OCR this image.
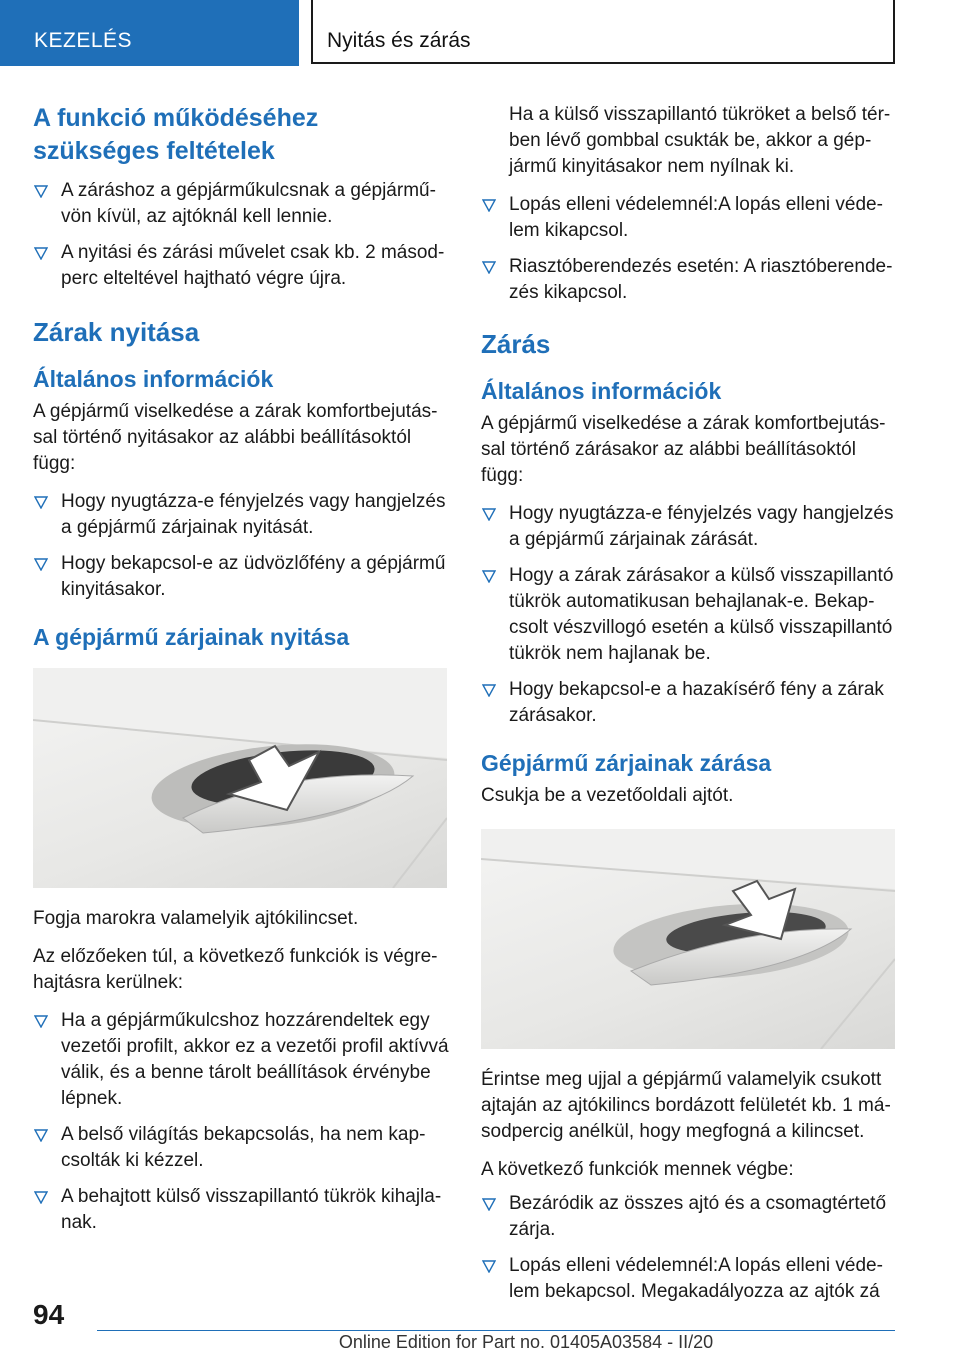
KEZELÉS	Nyitás és zárás
A funkció működéséhez szükséges feltételek
A záráshoz a gépjárműkulcsnak a gépjárművön kívül, az ajtóknál kell lennie.
A nyitási és zárási művelet csak kb. 2 másodperc elteltével hajtható végre újra.
Zárak nyitása
Általános információk

A gépjármű viselkedése a zárak komfortbejutással történő nyitásakor az alábbi beállításoktól függ:

Hogy nyugtázza-e fényjelzés vagy hangjelzés a gépjármű zárjainak nyitását.
Hogy bekapcsol-e az üdvözlőfény a gépjármű kinyitásakor.
A gépjármű zárjainak nyitása

Fogja marokra valamelyik ajtókilincset.

Az előzőeken túl, a következő funkciók is végrehajtásra kerülnek:

Ha a gépjárműkulcshoz hozzárendeltek egy vezetői profilt, akkor ez a vezetői profil aktívvá válik, és a benne tárolt beállítások érvénybe lépnek.
A belső világítás bekapcsolás, ha nem kapcsolták ki kézzel.
A behajtott külső visszapillantó tükrök kihajlanak.

Ha a külső visszapillantó tükröket a belső térben lévő gombbal csukták be, akkor a gépjármű kinyitásakor nem nyílnak ki.

Lopás elleni védelemnél:A lopás elleni védelem kikapcsol.
Riasztóberendezés esetén: A riasztóberendezés kikapcsol.
Zárás
Általános információk

A gépjármű viselkedése a zárak komfortbejutással történő zárásakor az alábbi beállításoktól függ:

Hogy nyugtázza-e fényjelzés vagy hangjelzés a gépjármű zárjainak zárását.
Hogy a zárak zárásakor a külső visszapillantó tükrök automatikusan behajlanak-e. Bekapcsolt vészvillogó esetén a külső visszapillantó tükrök nem hajlanak be.
Hogy bekapcsol-e a hazakísérő fény a zárak zárásakor.
Gépjármű zárjainak zárása

Csukja be a vezetőoldali ajtót.

Érintse meg ujjal a gépjármű valamelyik csukott ajtaján az ajtókilincs bordázott felületét kb. 1 másodpercig anélkül, hogy megfogná a kilincset.

A következő funkciók mennek végbe:

Bezáródik az összes ajtó és a csomagtértető zárja.
Lopás elleni védelemnél:A lopás elleni védelem bekapcsol. Megakadályozza az ajtók zá
94
Online Edition for Part no. 01405A03584 - II/20
